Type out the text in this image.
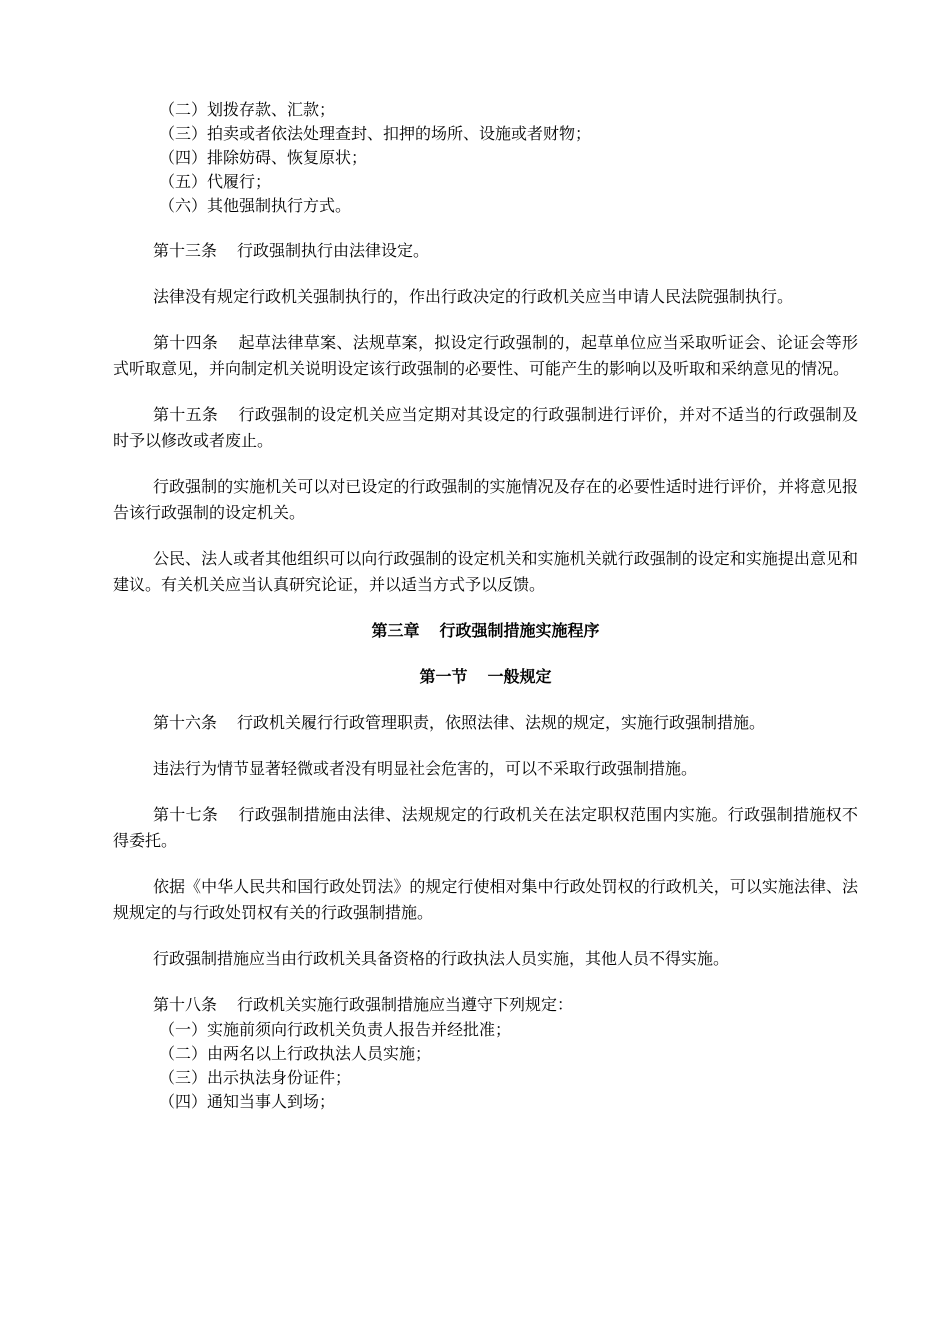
（二）划拨存款、汇款；
（三）拍卖或者依法处理查封、扣押的场所、设施或者财物；
（四）排除妨碍、恢复原状；
（五）代履行；
（六）其他强制执行方式。

第十三条 行政强制执行由法律设定。

法律没有规定行政机关强制执行的，作出行政决定的行政机关应当申请人民法院强制执行。

第十四条 起草法律草案、法规草案，拟设定行政强制的，起草单位应当采取听证会、论证会等形式听取意见，并向制定机关说明设定该行政强制的必要性、可能产生的影响以及听取和采纳意见的情况。

第十五条 行政强制的设定机关应当定期对其设定的行政强制进行评价，并对不适当的行政强制及时予以修改或者废止。

行政强制的实施机关可以对已设定的行政强制的实施情况及存在的必要性适时进行评价，并将意见报告该行政强制的设定机关。

公民、法人或者其他组织可以向行政强制的设定机关和实施机关就行政强制的设定和实施提出意见和建议。有关机关应当认真研究论证，并以适当方式予以反馈。

第三章 行政强制措施实施程序

第一节 一般规定

第十六条 行政机关履行行政管理职责，依照法律、法规的规定，实施行政强制措施。

违法行为情节显著轻微或者没有明显社会危害的，可以不采取行政强制措施。

第十七条 行政强制措施由法律、法规规定的行政机关在法定职权范围内实施。行政强制措施权不得委托。

依据《中华人民共和国行政处罚法》的规定行使相对集中行政处罚权的行政机关，可以实施法律、法规规定的与行政处罚权有关的行政强制措施。

行政强制措施应当由行政机关具备资格的行政执法人员实施，其他人员不得实施。

第十八条 行政机关实施行政强制措施应当遵守下列规定：

（一）实施前须向行政机关负责人报告并经批准；
（二）由两名以上行政执法人员实施；
（三）出示执法身份证件；
（四）通知当事人到场；
